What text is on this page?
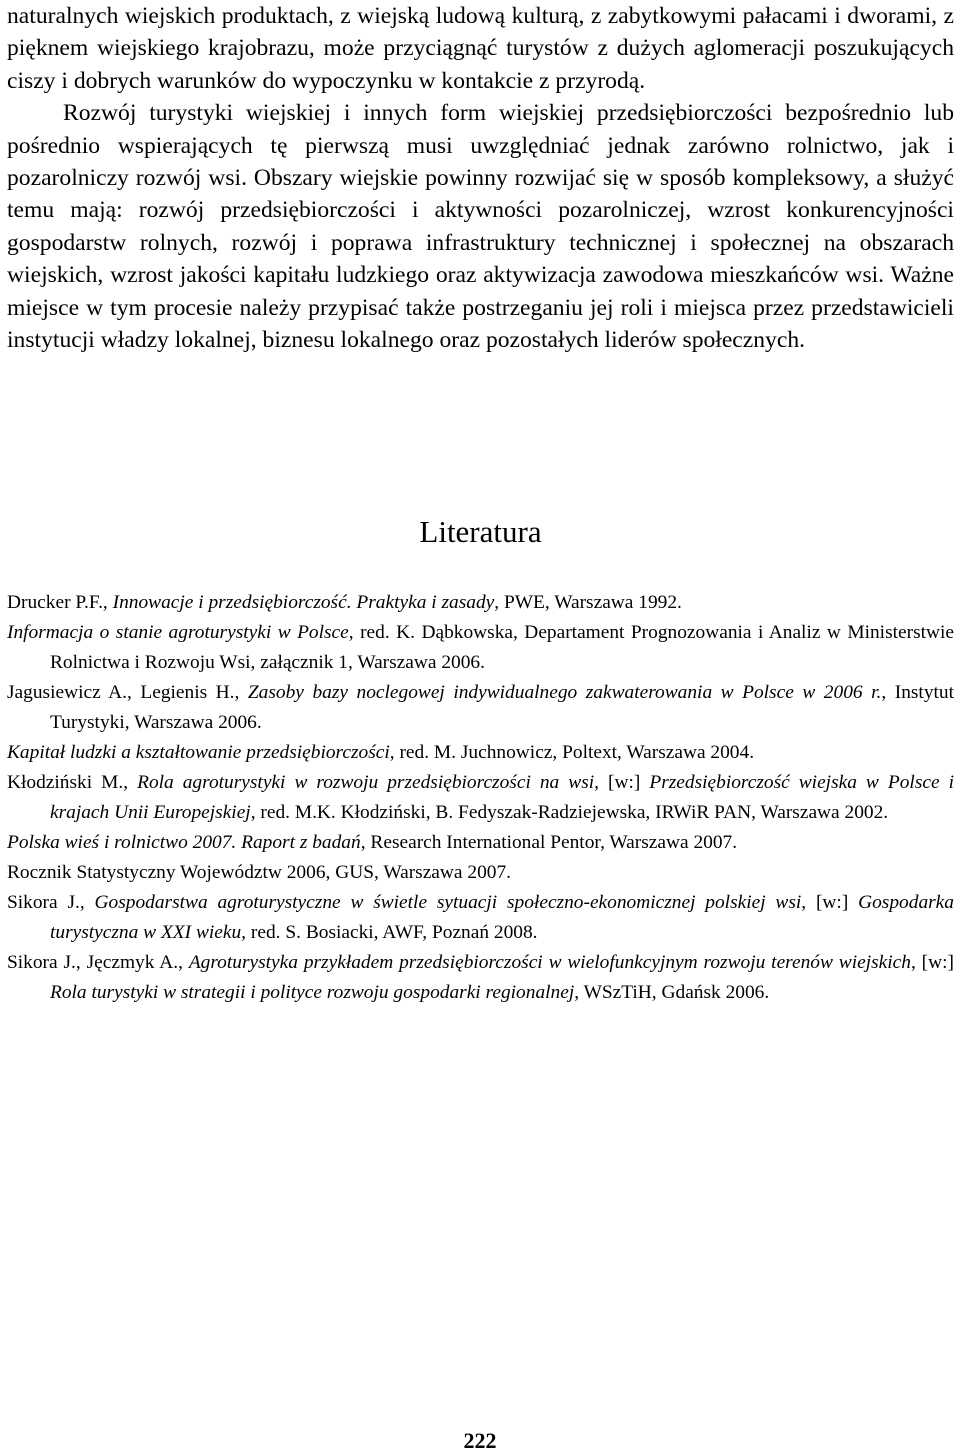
naturalnych wiejskich produktach, z wiejską ludową kulturą, z zabytkowymi pałacami i dworami, z pięknem wiejskiego krajobrazu, może przyciągnąć turystów z dużych aglomeracji poszukujących ciszy i dobrych warunków do wypoczynku w kontakcie z przyrodą.

Rozwój turystyki wiejskiej i innych form wiejskiej przedsiębiorczości bezpośrednio lub pośrednio wspierających tę pierwszą musi uwzględniać jednak zarówno rolnictwo, jak i pozarolniczy rozwój wsi. Obszary wiejskie powinny rozwijać się w sposób kompleksowy, a służyć temu mają: rozwój przedsiębiorczości i aktywności pozarolniczej, wzrost konkurencyjności gospodarstw rolnych, rozwój i poprawa infrastruktury technicznej i społecznej na obszarach wiejskich, wzrost jakości kapitału ludzkiego oraz aktywizacja zawodowa mieszkańców wsi. Ważne miejsce w tym procesie należy przypisać także postrzeganiu jej roli i miejsca przez przedstawicieli instytucji władzy lokalnej, biznesu lokalnego oraz pozostałych liderów społecznych.

Literatura

Drucker P.F., Innowacje i przedsiębiorczość. Praktyka i zasady, PWE, Warszawa 1992.

Informacja o stanie agroturystyki w Polsce, red. K. Dąbkowska, Departament Prognozowania i Analiz w Ministerstwie Rolnictwa i Rozwoju Wsi, załącznik 1, Warszawa 2006.

Jagusiewicz A., Legienis H., Zasoby bazy noclegowej indywidualnego zakwaterowania w Polsce w 2006 r., Instytut Turystyki, Warszawa 2006.

Kapitał ludzki a kształtowanie przedsiębiorczości, red. M. Juchnowicz, Poltext, Warszawa 2004.

Kłodziński M., Rola agroturystyki w rozwoju przedsiębiorczości na wsi, [w:] Przedsiębiorczość wiejska w Polsce i krajach Unii Europejskiej, red. M.K. Kłodziński, B. Fedyszak-Radziejewska, IRWiR PAN, Warszawa 2002.

Polska wieś i rolnictwo 2007. Raport z badań, Research International Pentor, Warszawa 2007.

Rocznik Statystyczny Województw 2006, GUS, Warszawa 2007.

Sikora J., Gospodarstwa agroturystyczne w świetle sytuacji społeczno-ekonomicznej polskiej wsi, [w:] Gospodarka turystyczna w XXI wieku, red. S. Bosiacki, AWF, Poznań 2008.

Sikora J., Jęczmyk A., Agroturystyka przykładem przedsiębiorczości w wielofunkcyjnym rozwoju terenów wiejskich, [w:] Rola turystyki w strategii i polityce rozwoju gospodarki regionalnej, WSzTiH, Gdańsk 2006.

222
